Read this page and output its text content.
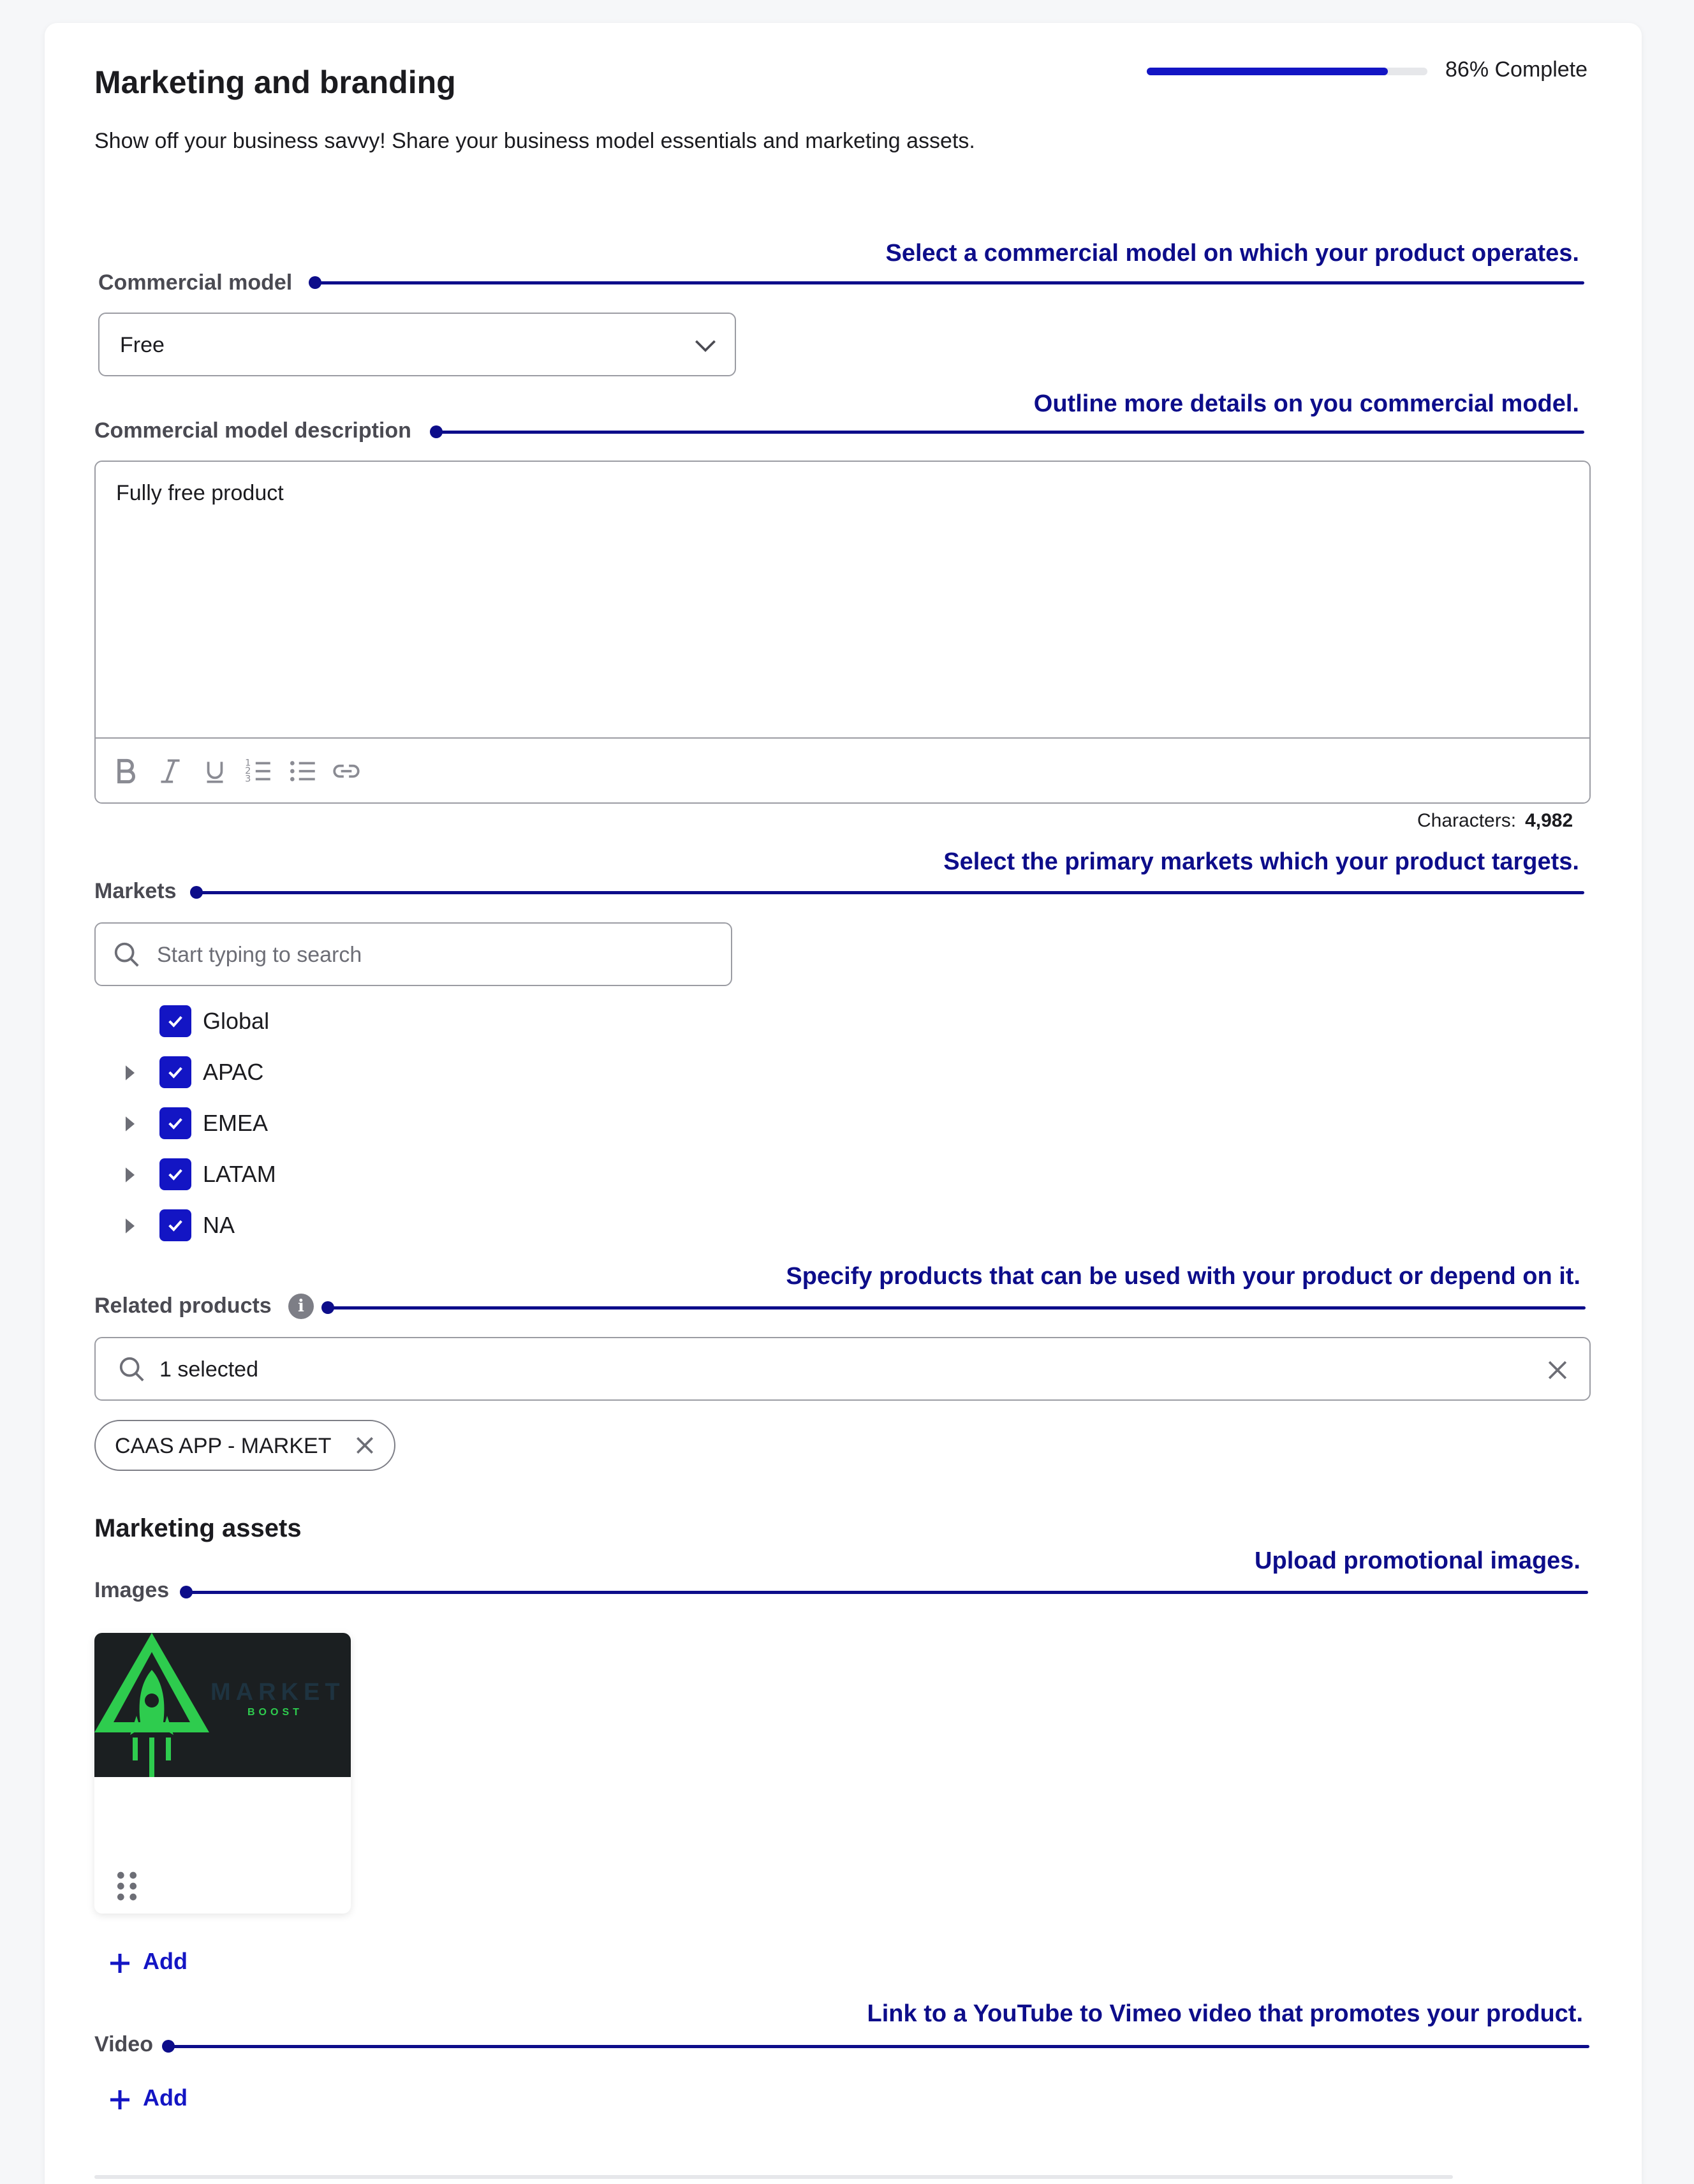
Marketing and branding
Show off your business savvy! Share your business model essentials and marketing assets.
86% Complete
Select a commercial model on which your product operates.
Commercial model
Free
Outline more details on you commercial model.
Commercial model description
Fully free product
1
2
3
Characters: 4,982
Select the primary markets which your product targets.
Markets
Start typing to search
Global
APAC
EMEA
LATAM
NA
Specify products that can be used with your product or depend on it.
Related products	i
1 selected
CAAS APP - MARKET
Marketing assets
Upload promotional images.
Images
MARKET
BOOST
Add
Link to a YouTube to Vimeo video that promotes your product.
Video
Add
